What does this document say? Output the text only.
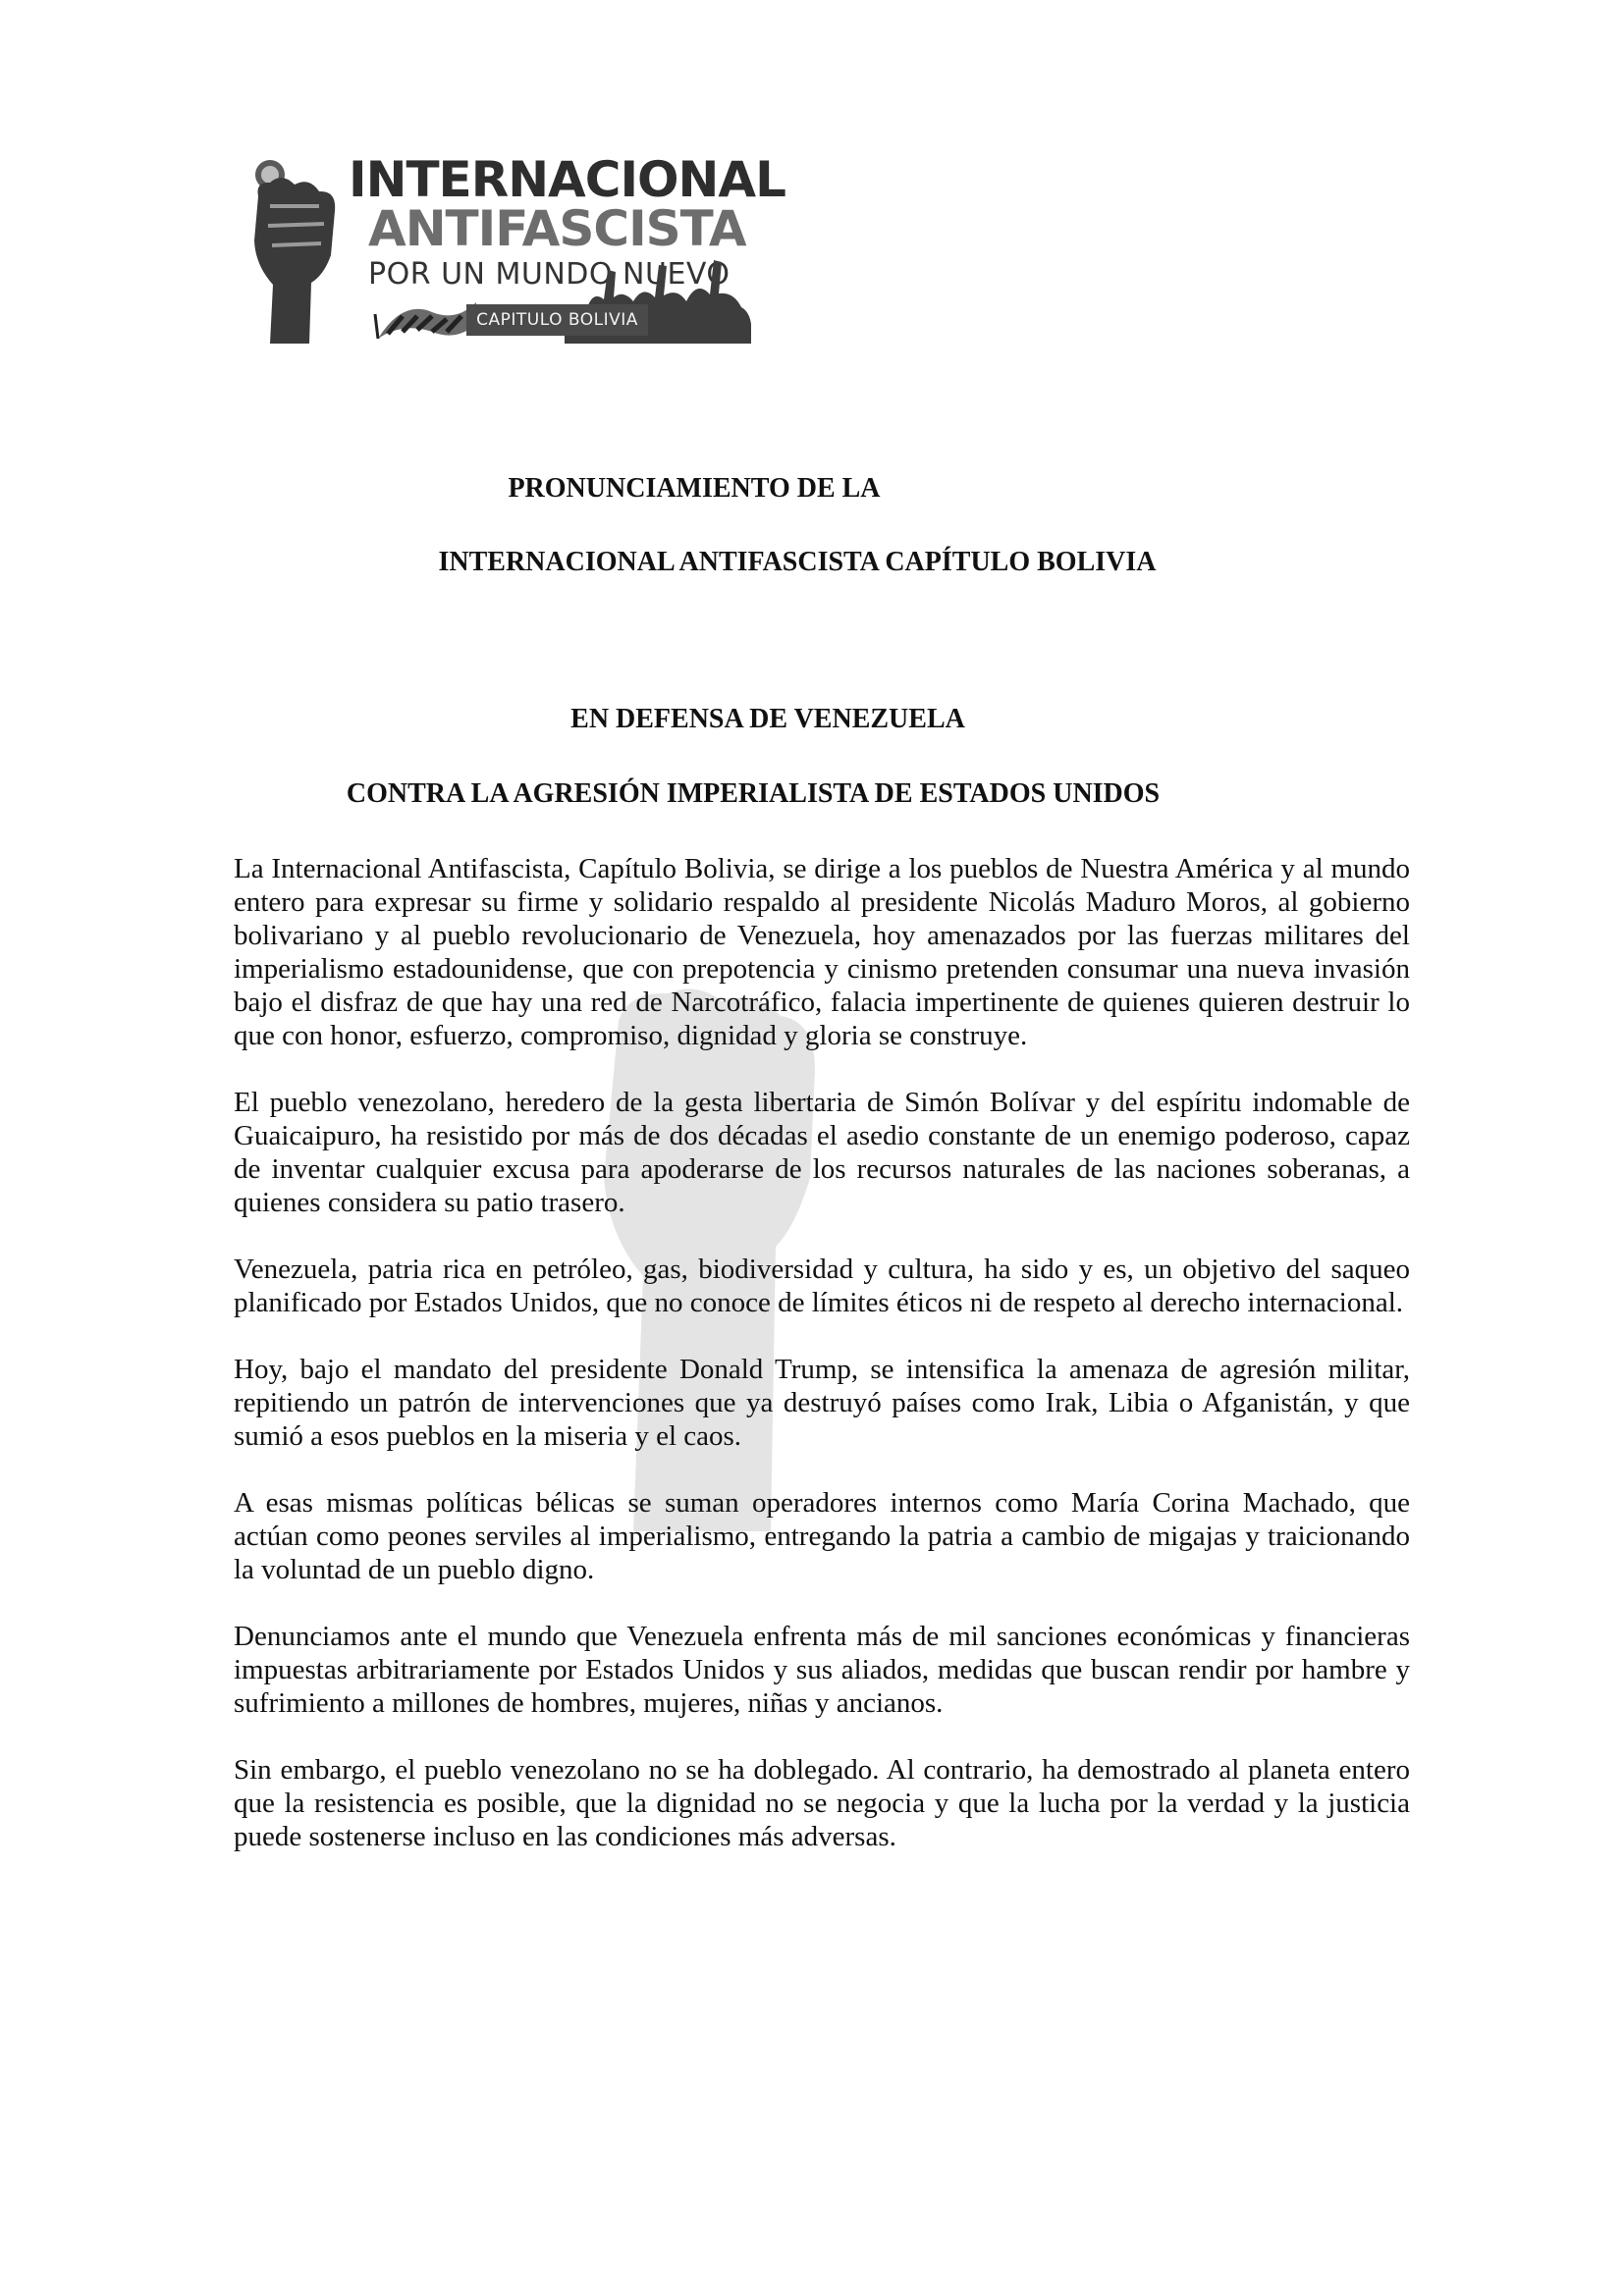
INTERNACIONAL
ANTIFASCISTA
POR UN MUNDO NUEVO
CAPITULO BOLIVIA
PRONUNCIAMIENTO DE LA
INTERNACIONAL ANTIFASCISTA CAPÍTULO BOLIVIA
EN DEFENSA DE VENEZUELA
CONTRA LA AGRESIÓN IMPERIALISTA DE ESTADOS UNIDOS

La Internacional Antifascista, Capítulo Bolivia, se dirige a los pueblos de Nuestra América y al mundo entero para expresar su firme y solidario respaldo al presidente Nicolás Maduro Moros, al gobierno bolivariano y al pueblo revolucionario de Venezuela, hoy amenazados por las fuerzas militares del imperialismo estadounidense, que con prepotencia y cinismo pretenden consumar una nueva invasión bajo el disfraz de que hay una red de Narcotráfico, falacia impertinente de quienes quieren destruir lo que con honor, esfuerzo, compromiso, dignidad y gloria se construye.

El pueblo venezolano, heredero de la gesta libertaria de Simón Bolívar y del espíritu indomable de Guaicaipuro, ha resistido por más de dos décadas el asedio constante de un enemigo poderoso, capaz de inventar cualquier excusa para apoderarse de los recursos naturales de las naciones soberanas, a quienes considera su patio trasero.

Venezuela, patria rica en petróleo, gas, biodiversidad y cultura, ha sido y es, un objetivo del saqueo planificado por Estados Unidos, que no conoce de límites éticos ni de respeto al derecho internacional.

Hoy, bajo el mandato del presidente Donald Trump, se intensifica la amenaza de agresión militar, repitiendo un patrón de intervenciones que ya destruyó países como Irak, Libia o Afganistán, y que sumió a esos pueblos en la miseria y el caos.

A esas mismas políticas bélicas se suman operadores internos como María Corina Machado, que actúan como peones serviles al imperialismo, entregando la patria a cambio de migajas y traicionando la voluntad de un pueblo digno.

Denunciamos ante el mundo que Venezuela enfrenta más de mil sanciones económicas y financieras impuestas arbitrariamente por Estados Unidos y sus aliados, medidas que buscan rendir por hambre y sufrimiento a millones de hombres, mujeres, niñas y ancianos.

Sin embargo, el pueblo venezolano no se ha doblegado. Al contrario, ha demostrado al planeta entero que la resistencia es posible, que la dignidad no se negocia y que la lucha por la verdad y la justicia puede sostenerse incluso en las condiciones más adversas.
